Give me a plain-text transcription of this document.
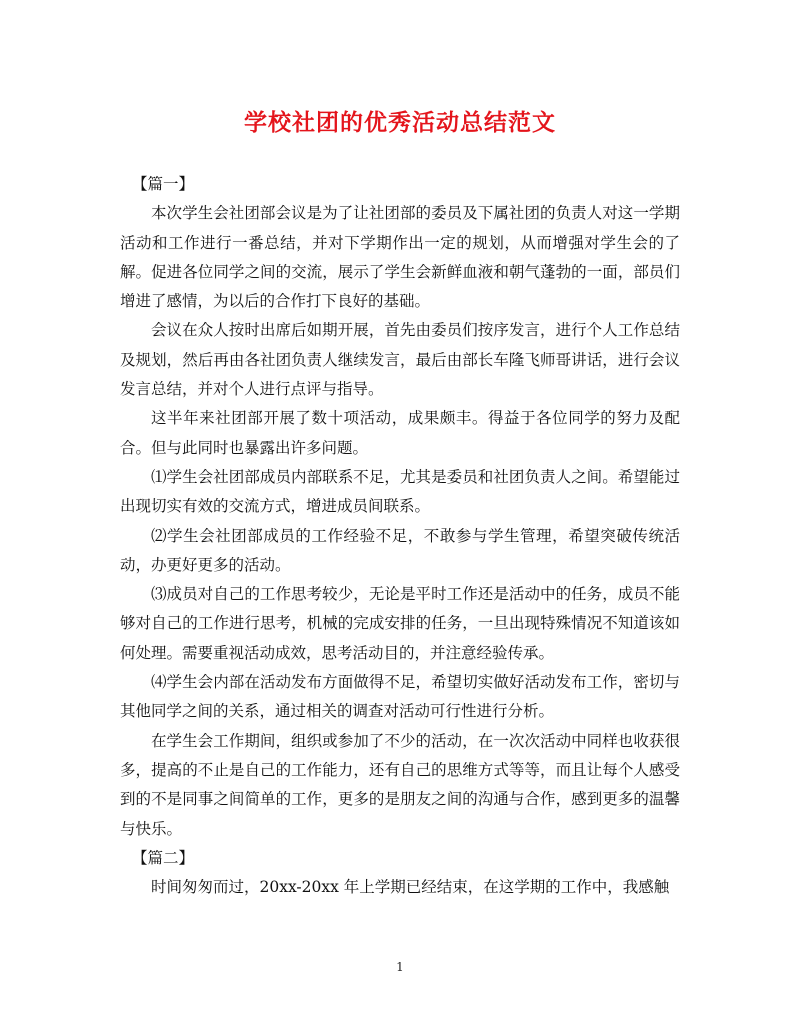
学校社团的优秀活动总结范文

【篇一】

本次学生会社团部会议是为了让社团部的委员及下属社团的负责人对这一学期活动和工作进行一番总结，并对下学期作出一定的规划，从而增强对学生会的了解。促进各位同学之间的交流，展示了学生会新鲜血液和朝气蓬勃的一面，部员们增进了感情，为以后的合作打下良好的基础。

会议在众人按时出席后如期开展，首先由委员们按序发言，进行个人工作总结及规划，然后再由各社团负责人继续发言，最后由部长车隆飞师哥讲话，进行会议发言总结，并对个人进行点评与指导。

这半年来社团部开展了数十项活动，成果颇丰。得益于各位同学的努力及配合。但与此同时也暴露出许多问题。

⑴学生会社团部成员内部联系不足，尤其是委员和社团负责人之间。希望能过出现切实有效的交流方式，增进成员间联系。

⑵学生会社团部成员的工作经验不足，不敢参与学生管理，希望突破传统活动，办更好更多的活动。

⑶成员对自己的工作思考较少，无论是平时工作还是活动中的任务，成员不能够对自己的工作进行思考，机械的完成安排的任务，一旦出现特殊情况不知道该如何处理。需要重视活动成效，思考活动目的，并注意经验传承。

⑷学生会内部在活动发布方面做得不足，希望切实做好活动发布工作，密切与其他同学之间的关系，通过相关的调查对活动可行性进行分析。

在学生会工作期间，组织或参加了不少的活动，在一次次活动中同样也收获很多，提高的不止是自己的工作能力，还有自己的思维方式等等，而且让每个人感受到的不是同事之间简单的工作，更多的是朋友之间的沟通与合作，感到更多的温馨与快乐。

【篇二】

时间匆匆而过，20xx-20xx 年上学期已经结束，在这学期的工作中，我感触

1
